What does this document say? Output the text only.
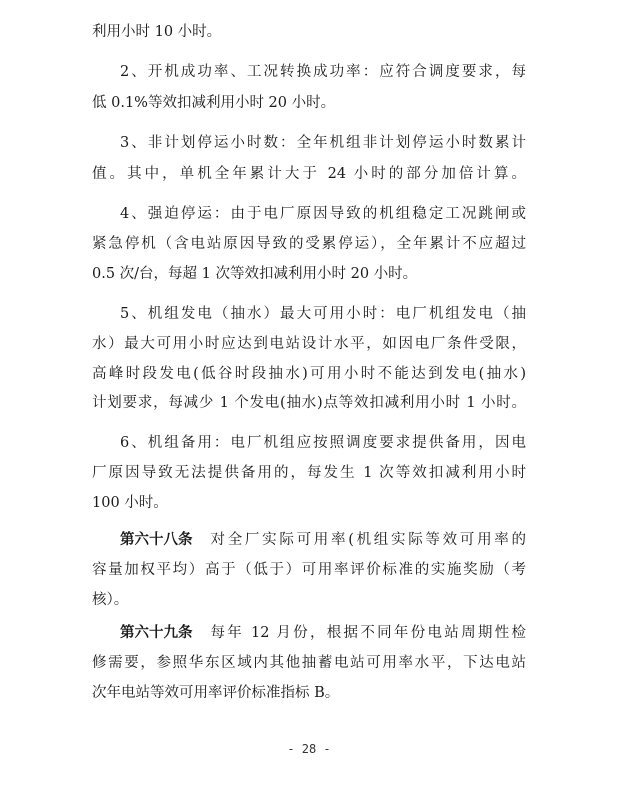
利用小时 10 小时。
2、开机成功率、工况转换成功率：应符合调度要求，每
低 0.1%等效扣减利用小时 20 小时。
3、非计划停运小时数：全年机组非计划停运小时数累计
值。其中，单机全年累计大于 24 小时的部分加倍计算。
4、强迫停运：由于电厂原因导致的机组稳定工况跳闸或
紧急停机（含电站原因导致的受累停运），全年累计不应超过
0.5 次/台，每超 1 次等效扣减利用小时 20 小时。
5、机组发电（抽水）最大可用小时：电厂机组发电（抽
水）最大可用小时应达到电站设计水平，如因电厂条件受限，
高峰时段发电(低谷时段抽水)可用小时不能达到发电(抽水)
计划要求，每减少 1 个发电(抽水)点等效扣减利用小时 1 小时。
6、机组备用：电厂机组应按照调度要求提供备用，因电
厂原因导致无法提供备用的，每发生 1 次等效扣减利用小时
100 小时。
第六十八条 对全厂实际可用率(机组实际等效可用率的
容量加权平均）高于（低于）可用率评价标准的实施奖励（考
核）。
第六十九条 每年 12 月份，根据不同年份电站周期性检
修需要，参照华东区域内其他抽蓄电站可用率水平，下达电站
次年电站等效可用率评价标准指标 B。
- 28 -
